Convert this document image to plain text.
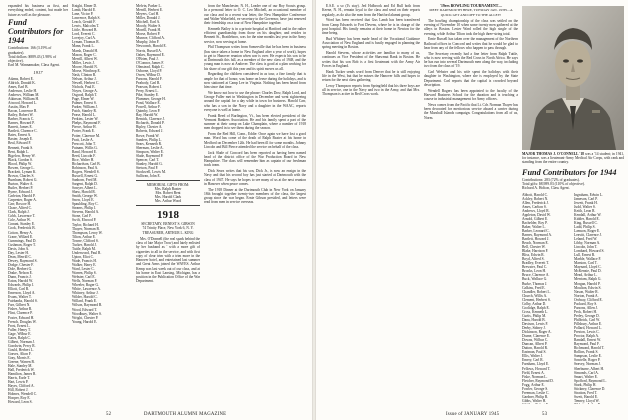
expanded his business as first, and everything ended, content, but made her future as well as the pleasure.

Fund Contributors for 1944
Contributions: 166 (3.19% of graduates).
Total dollars: $889.43 (1.98% of objective).
Earl M. Wannamaker, Class Agent.
1917
Adams, Robert E.
Aldrich, Donald K.
Ames, Earl B.
Anderson, Leslie H.
Andrews, William M.
Atkinson, William H.
Atwood, Howard L.
Austin, Max P.
Bacon, Lawrence R.
Bailey, Robert W.
Barber, Francis C.
Barnes, Howard P.
Barrett, James E.
Bartlett, Clarence C.
Bates, Ernest A.
Baxter, Joseph E.
Beal, Edward F.
Bennett, Frank S.
Bent, Ralph L.
Bigelow, Henry W.
Black, Gordon S.
Blood, Philip W.
Bowen, George L.
Brackett, Lyman K.
Brown, Charles S.
Burnham, Robert G.
Burton, Walter A.
Butler, Herbert P.
Byrne, Edward J.
Carleton, Harold P.
Carpenter, Roger A.
Carr, Roscoe H.
Chase, Alfred C.
Clark, Ralph J.
Cobb, Lawrence T.
Cole, Arthur W.
Conant, Stanley E.
Cook, Frederick B.
Cotton, Henry A.
Crane, Willard E.
Cummings, Paul D.
Cushman, Roger T.
Davis, John A.
Day, Lester H.
Dean, Merrill C.
Dewey, Raymond S.
Dodge, Chester F.
Dole, Herbert G.
Drake, Nelson E.
Dunn, Francis J.
Eaton, Harold W.
Edwards, Philip J.
Elliott, Carl R.
Emerson, Lloyd A.
Evans, Walter T.
Fairbanks, Harold S.
Farr, Gilbert N.
Fisher, Arthur R.
Flint, Clarence P.
Foster, Edward H.
French, Douglas W.
Frost, Ernest L.
Fuller, Henry T.
Gage, Wilbur E.
Gates, Ralph C.
Gilbert, Norman J.
Goodwin, Percy R.
Gould, Herbert L.
Graves, Alton F.
Gray, Morris E.
Greene, Warren B.
Hale, Stanley M.
Hall, Frederick W.
Hamilton, James R.
Harris, Earle T.
Hart, Lewis P.
Hayes, Clifford A.
Hill, Robert J.
Holmes, Wendell C.
Hooper, Roy E.
Howard, Leon S.
Knight, Elmer D.
Lamb, Harold E.
Lane, Victor P.
Lawrence, Ralph S.
Leach, Gerald F.
Lewis, Malcolm T.
Little, Howard B.
Lord, Everett C.
Lovejoy, Carl A.
Lyman, Thomas R.
Mann, Frank L.
Marsh, Donald H.
Mason, Roger C.
Merrill, Albert W.
Miller, Lewis J.
Moore, Harold N.
Morse, Winthrop E.
Nash, Clinton R.
Nelson, Arthur J.
Newell, Herbert C.
Nichols, Paul E.
Noyes, George A.
Osgood, Ralph T.
Page, Elmer W.
Palmer, Ernest S.
Parker, William J.
Patch, Stanley R.
Pease, Harold L.
Perkins, Lester W.
Phelps, Raymond F.
Pierce, Arthur H.
Porter, Frank E.
Potter, Clarence M.
Pratt, Leslie A.
Prescott, John T.
Putnam, Willis G.
Rand, Howard E.
Reed, Lincoln F.
Rice, Walter H.
Richardson, Carl B.
Robinson, Paul A.
Rogers, Wendell S.
Russell, Ernest G.
Sanborn, Fred M.
Sargent, Ralph D.
Sawyer, Albert L.
Shaw, Harold R.
Smith, George W.
Snow, Lloyd E.
Spaulding, Roy C.
Stearns, Philip J.
Stevens, Harold A.
Stone, Carl F.
Swift, Elwood P.
Taylor, Richard H.
Thayer, Norman B.
Thompson, Leroy W.
Tilton, Arthur E.
Towne, Clifford S.
Tucker, Harold J.
Tuttle, Ralph M.
Underwood, Paul R.
Upton, Eliot C.
Wade, Francis H.
Walker, Harry E.
Ward, Lester C.
Warren, Philip S.
Webster, Carl E.
Wells, Norman F.
Wheeler, Roger G.
White, Lawrence A.
Whitney, Arthur J.
Wilder, Harold C.
Willard, Frank E.
Wilson, Raymond B.
Wood, Edward T.
Woodbury, Walter S.
Wright, Chester P.
Young, Harold E.
Melvin, Parker L.
Merrill, Herbert E.
Meyers, Carl H.
Miller, Donald J.
Mitchell, Earl A.
Moody, Walter S.
Morrill, Frank H.
Morse, Robert P.
Munroe, Clifford A.
Murphy, John F.
Newcomb, Harold E.
Norris, Russell A.
Oakes, Raymond E.
O'Brien, Paul J.
O'Connor, James F.
Olmstead, Ralph C.
Osborne, Lloyd P.
Owen, Wilbur D.
Parsons, Harold F.
Peabody, Carl R.
Pearson, Robert J.
Perry, Ernest L.
Pike, Stanley E.
Plummer, George H.
Pond, Wallace E.
Powell, Arthur F.
Quimby, Leon P.
Ray, Harold W.
Remick, Clarence J.
Richards, Donald P.
Ripley, Chester A.
Roberts, Edward J.
Rowe, Frank W.
Sanders, Philip L.
Sears, Kenneth R.
Sherman, Leslie A.
Simpson, Walter E.
Slade, Raymond P.
Spencer, Carl T.
Stanley, Harold G.
Stetson, Paul F.
Stockwell, Lewis M.
Sullivan, John E.
MEMORIAL GIFTS FROM:
Mrs. Ralph Baxter
Mrs. Robert Bent
Mrs. Harold Clark
Mrs. Arthur Wood
1918
SECRETARY, ERNEST S. GIBSON
74 Trinity Place, New York 6, N. Y.
TREASURER, ARTHUR L. KING

Mrs. O'Donnell (the real spark behind the class of late Major Trow) and lately enlisted by her husband as ' with a more gift of cigarettes to all in the service, and with first copy of clear trim with a trim more in the Hanover hotel, and entertained last summer and Great Arms joined the WAVES. Arthur Kemp was last week out of our class, and at his home in East Lansing, Michigan, has a position in the Publication Office of the War Department.

from the Manchester, N. H., Leader one of our Boy Scouts group. In a personal letter to O. C. Leo Mitchell, an occasional member of our class and in a recent war letter, the New Hampshire Conference and Walter Wakefield, ex-secretary to the Governor, have just renewed their friendship on a tour of New Hampshire together.

Kenneth Bailey is in a private hospital at Hartford and in the rather efficient guardianship from those on his daughter, and resides in Bennett St., Brattleboro, was for the nine months last year in the Army service, now serving at home.

Phil Thompson writes from Somerville that he has been in business (has since taken a home in New England after a year of work), hopes to get to Hanover reunion when war is over. He expects his son to be at Dartmouth this fall, as a member of the new class of 1948, and the young man is now at Andover. The class is good at a plan working for his share of our gift this year and its spirit moves us all.

Regarding the children considered in as tour, a fine family that is ample for that of honor, was home on leave during the holidays, and is now stationed at Camp Lee in Virginia. Nothing has been heard from him since that time.

We know not how to use the phrase: Charles Dow, Ralph Lord, and George Fuller met in Washington in December and went sightseeing around the capital for a day while in town for business. Harold Carr, who has a son in the Navy and a daughter in the WAAC, reports everyone is well at home.

Frank Reed of Burlington, Vt., has been elected president of the Vermont Bankers Association. He and his family spent a part of the summer at their camp on Lake Champlain, where a number of 1918 men dropped in to see them during the season.

From the Red Hill, Conn., Eddie: Once again we have lost a good man. Word has come of the death of Ralph Baxter at his home in Medford on December 12th. He had been ill for some months. Johnny Lincoln and Bill Pierce attended the service on behalf of the class.

Jack Slade of Concord has been reported as having been named head of the district office of the War Production Board in New Hampshire. The class will remember him as captain of our freshman track team.

Dick Sears writes that his son, Dick Jr., is now an ensign in the Navy and that his second boy has just started at Dartmouth with the class of 1947. He says he hopes to see many of us at the next reunion in Hanover when peace comes.

The 1918 Dinner at the Dartmouth Club in New York on January 18th brought together twenty-two members of the class, the largest group since the war began. Ernie Gibson presided, and letters were read from men in service overseas.

52	DARTMOUTH ALUMNI MAGAZINE

E.S.E. a so (I's stay). Jed Holbrook and Ed Bull both from Keene, N. H., remain loyal to the class and send on their reports regularly, as do also the men from the Hartford alumni group.

Word has been received that Gus Lamb has been transferred from Camp Edwards to Fort Devens, where he is in charge of the post hospital. His family remains at their home in Newton for the time being.

Bud Whitney has been made head of the Vocational Guidance Association of New England and is busily engaged in planning the spring meeting in Boston.

Harold Stevens, whose activities are familiar to many of us, continues as Vice President of the Shawmut Bank in Boston. He writes that his son Bob is a first lieutenant with the Army Air Forces in England.

Hank Tucker sends word from Denver that he is still enjoying life in the West, but that he misses the Hanover hills and hopes to return for the next class gathering.

Leroy Thompson reports from Springfield that his three boys are all in service, one in the Navy and two in the Army, and that Mrs. Thompson is active in Red Cross work.

'19ers BOWLING TOURNAMENT—
MEET DARTMOUTH HERE, TUESDAY JAN. 19TH—A QUICK GET AND OFF TO THE ALLEY!

The bowling championship of the class was settled on the evening of November 10 when some twenty men gathered at the alleys in Boston. Lester Ward rolled the high single of the evening, while Arthur Tilton took the high three-string total.

Ernie Russell has taken over the management of the Northern Railroad offices in Concord and writes that he would be glad to hear from any of the fellows who happen to pass through.

The Secretary recently had a fine letter from Ralph Tuttle, who is now serving with the Red Cross in North Africa. He says he has run into several Dartmouth men along the way, including two from the class of '19.

Carl Webster and his wife spent the holidays with their daughter in Washington, where she is employed by the State Department. Carl reports that the capital is crowded beyond description.

Wendell Rogers has been appointed to the faculty of the Harvard Business School for the duration and is teaching a course in industrial management for Army officers.

News comes from the Pacific that Lt. Cdr. Norman Thayer has been decorated for meritorious service aboard a carrier during the Marshall Islands campaign. Congratulations from all of us, Norm.

MAJOR THOMAS J. O'CONNELL '18 was a '14 student; in 1941, for instance, was a lieutenant-Army Medical Air Corps, with rank and standing from the entire country.
Fund Contributors for 1944
Contributions: 283 (72% of graduates).
Total gifts: $8,989.03 (110% of objective).
Richard A. Holton, Class Agent.
Abbott, Harold C.
Ackley, Robert N.
Allen, Frederick J.
Ames, Carlton S.
Andrews, Lloyd R.
Appleton, David W.
Arnold, Gilbert E.
Bachelder, Roy P.
Baker, Walter L.
Barker, Leonard C.
Barnes, Raymond A.
Bartlett, Howard J.
Beach, Norman E.
Bell, Chester W.
Blake, Harrison F.
Bliss, Edwin R.
Boyd, Alfred S.
Bradley, Everett T.
Brewster, Paul C.
Brooks, Leon H.
Bruce, Clarence A.
Buck, Wallace G.
Burke, Thomas J.
Calkins, Fred E.
Chandler, Robert L.
Church, Willis A.
Clement, Herbert S.
Colby, Arthur D.
Coolidge, Ralph E.
Cross, Kenneth L.
Curtis, Philip M.
Dana, Harold B.
Davison, Lewis F.
Derby, Sidney J.
Dickinson, Roger A.
Doane, Clarence E.
Downs, Wilbur C.
Duncan, Albert P.
Dutton, Harold R.
Eastman, Paul S.
Ellis, Walter J.
Emery, Carl R.
Farnham, Lloyd E.
Fellows, Howard T.
Field, Ernest A.
Fiske, Norman L.
Fletcher, Raymond D.
Fogg, Arthur E.
Fowler, George S.
Freeman, Leslie C.
Gardner, Philip R.
Gibbs, Walter H.
Ingraham, Edwin L.
Jameson, Carl P.
Jewett, Frank H.
Judd, Walter S.
Keith, Leon R.
Kendall, Arthur W.
Kidder, Harold E.
King, Russell C.
Ladd, Philip S.
Lamson, Roger E.
Leavitt, Clarence J.
Leland, Fred W.
Libby, Norman A.
Lincoln, John T.
Lombard, Howard S.
Lull, Ernest R.
Marble, Wallace F.
Marston, Carl T.
Maynard, Lloyd C.
McKenzie, Paul D.
Mead, Arthur L.
Merriam, Ralph G.
Morgan, Harold P.
Moulton, Edwin S.
Nason, Walter R.
Norton, Frank A.
Ordway, Clifford E.
Packard, Roy S.
Parsons, Allen J.
Peck, Robert H.
Perley, George D.
Philbrick, Carl W.
Pillsbury, Arthur E.
Pollard, Howard L.
Preston, Lewis C.
Proctor, Ralph A.
Randall, Ernest W.
Raymond, Paul F.
Richmond, Harold T.
Rollins, Frank S.
Sampson, Leslie E.
Sawtelle, Roger P.
Seavey, Norman J.
Sherburne, Albert H.
Simonds, Carl A.
Smart, Walter E.
Spofford, Raymond L.
Stark, Philip H.
Stickney, Clarence D.
Stratton, Fred T.
Swett, Harold E.
Tenney, Lloyd W.
Issue of JANUARY 1945	53
